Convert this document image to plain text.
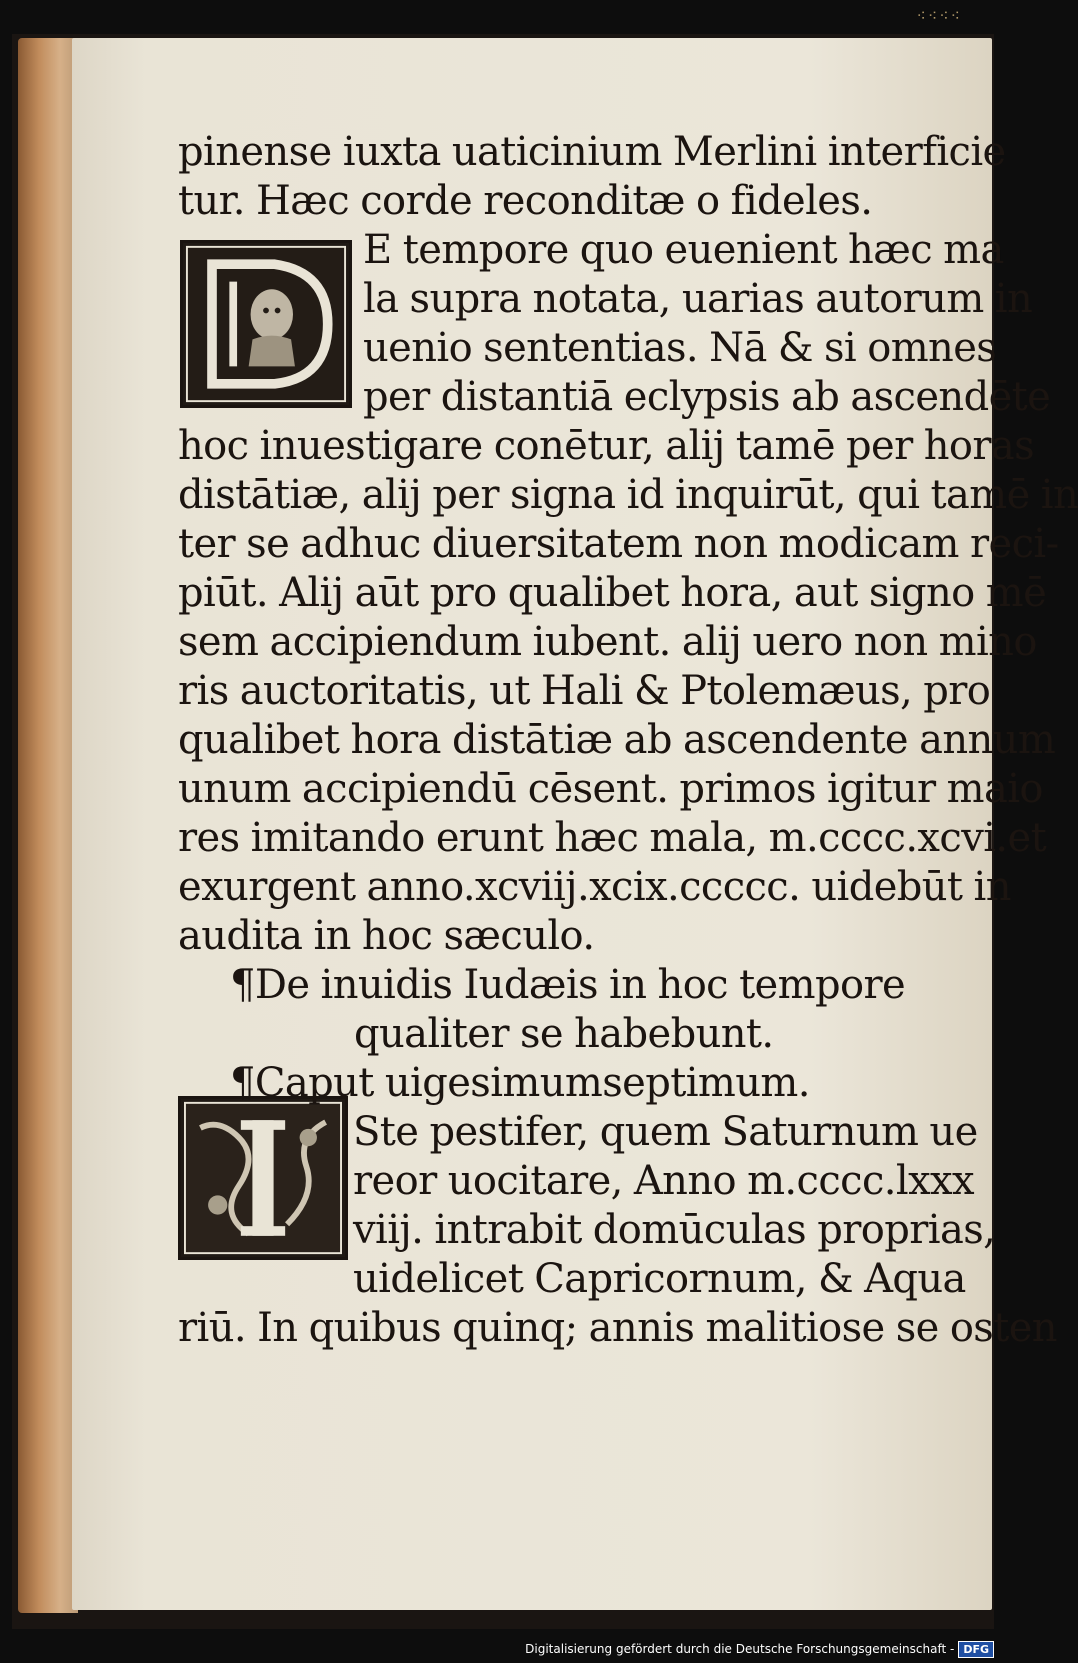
⁖⁖⁖⁖
pinense iuxta uaticinium Merlini interficie
tur. Hæc corde reconditæ o fideles.
E tempore quo euenient hæc ma
la supra notata, uarias autorum in
uenio sententias. Nā & si omnes
per distantiā eclypsis ab ascendēte
hoc inuestigare conētur, alij tamē per horas
distātiæ, alij per signa id inquirūt, qui tamē in
ter se adhuc diuersitatem non modicam reci-
piūt. Alij aūt pro qualibet hora, aut signo mē
sem accipiendum iubent. alij uero non mino
ris auctoritatis, ut Hali & Ptolemæus, pro
qualibet hora distātiæ ab ascendente annum
unum accipiendū cēsent. primos igitur maio
res imitando erunt hæc mala, m.cccc.xcvi.et
exurgent anno.xcviij.xcix.ccccc. uidebūt in
audita in hoc sæculo.
¶De inuidis Iudæis in hoc tempore
qualiter se habebunt.
¶Caput uigesimumseptimum.
Ste pestifer, quem Saturnum ue
reor uocitare, Anno m.cccc.lxxx
viij. intrabit domūculas proprias,
uidelicet Capricornum, & Aqua
riū. In quibus quinq; annis malitiose se osten
Digitalisierung gefördert durch die Deutsche Forschungsgemeinschaft - DFG
